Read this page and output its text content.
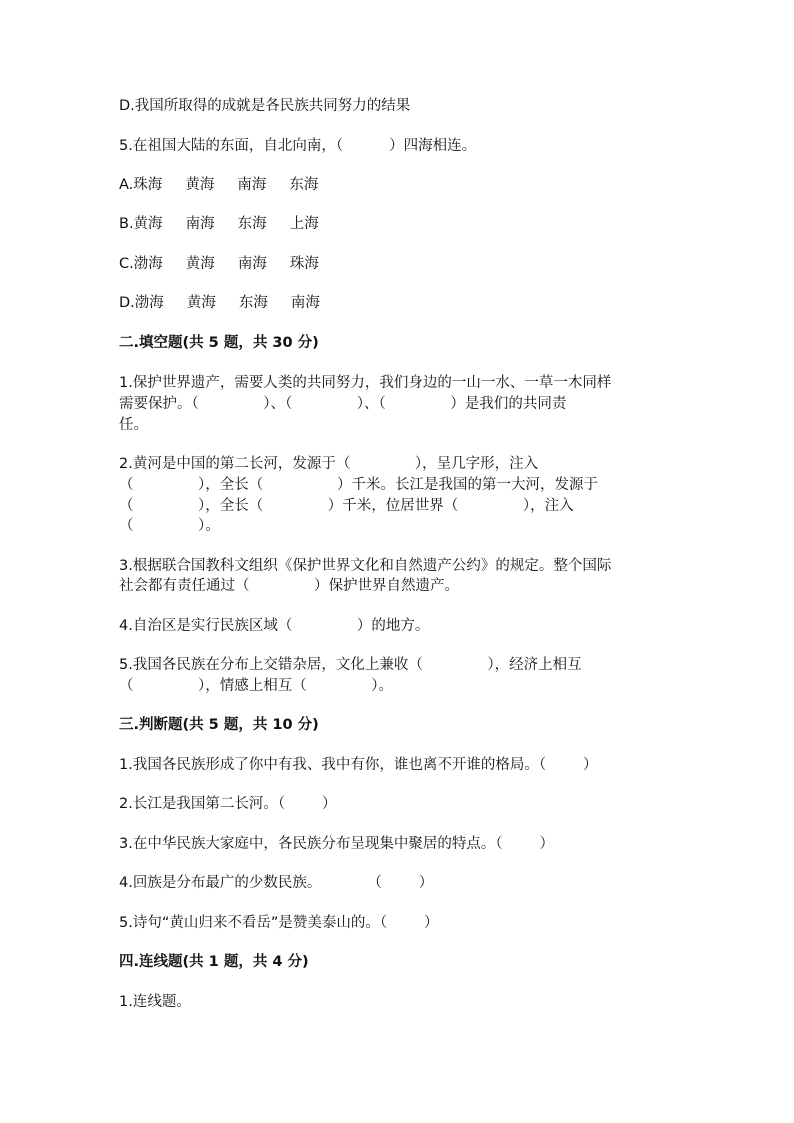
D.我国所取得的成就是各民族共同努力的结果
5.在祖国大陆的东面，自北向南，（          ）四海相连。
A.珠海     黄海     南海     东海
B.黄海     南海     东海     上海
C.渤海     黄海     南海     珠海
D.渤海     黄海     东海     南海
二.填空题(共 5 题，共 30 分)
1.保护世界遗产，需要人类的共同努力，我们身边的一山一水、一草一木同样
需要保护。（              ）、（              ）、（              ）是我们的共同责
任。
2.黄河是中国的第二长河，发源于（              ），呈几字形，注入
（              ），全长（                ）千米。长江是我国的第一大河，发源于
（              ），全长（              ）千米，位居世界（              ），注入
（              ）。
3.根据联合国教科文组织《保护世界文化和自然遗产公约》的规定。整个国际
社会都有责任通过（              ）保护世界自然遗产。
4.自治区是实行民族区域（              ）的地方。
5.我国各民族在分布上交错杂居，文化上兼收（              ），经济上相互
（              ），情感上相互（              ）。
三.判断题(共 5 题，共 10 分)
1.我国各民族形成了你中有我、我中有你，谁也离不开谁的格局。（        ）
2.长江是我国第二长河。（        ）
3.在中华民族大家庭中，各民族分布呈现集中聚居的特点。（        ）
4.回族是分布最广的少数民族。          （        ）
5.诗句“黄山归来不看岳”是赞美泰山的。（        ）
四.连线题(共 1 题，共 4 分)
1.连线题。
